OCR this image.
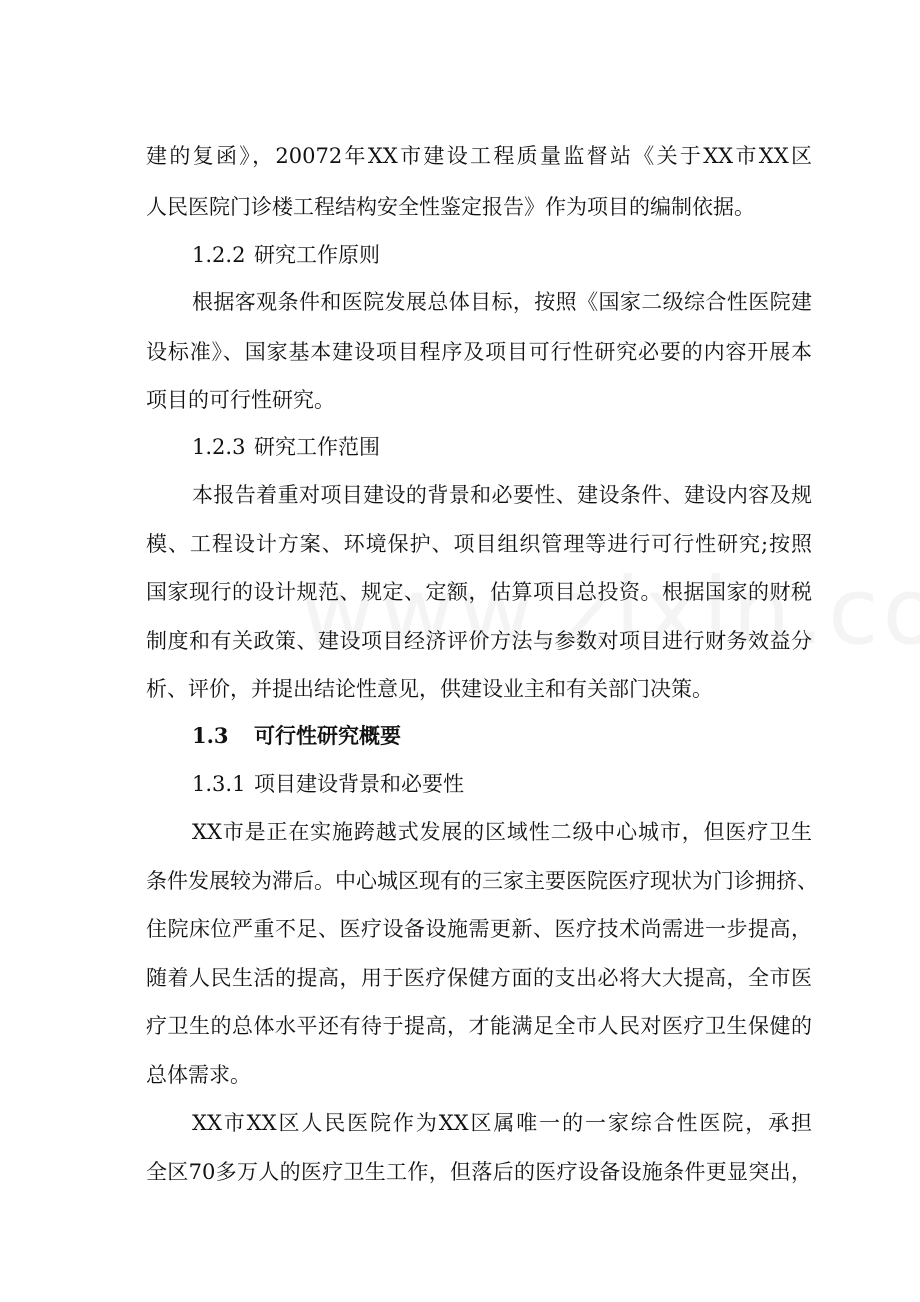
建的复函》，20072年XX市建设工程质量监督站《关于XX市XX区
人民医院门诊楼工程结构安全性鉴定报告》作为项目的编制依据。
1.2.2 研究工作原则
根据客观条件和医院发展总体目标，按照《国家二级综合性医院建
设标准》、国家基本建设项目程序及项目可行性研究必要的内容开展本
项目的可行性研究。
1.2.3 研究工作范围
本报告着重对项目建设的背景和必要性、建设条件、建设内容及规
模、工程设计方案、环境保护、项目组织管理等进行可行性研究;按照
国家现行的设计规范、规定、定额，估算项目总投资。根据国家的财税
制度和有关政策、建设项目经济评价方法与参数对项目进行财务效益分
析、评价，并提出结论性意见，供建设业主和有关部门决策。
1.3 可行性研究概要
1.3.1 项目建设背景和必要性
XX市是正在实施跨越式发展的区域性二级中心城市，但医疗卫生
条件发展较为滞后。中心城区现有的三家主要医院医疗现状为门诊拥挤、
住院床位严重不足、医疗设备设施需更新、医疗技术尚需进一步提高，
随着人民生活的提高，用于医疗保健方面的支出必将大大提高，全市医
疗卫生的总体水平还有待于提高，才能满足全市人民对医疗卫生保健的
总体需求。
XX市XX区人民医院作为XX区属唯一的一家综合性医院，承担
全区70多万人的医疗卫生工作，但落后的医疗设备设施条件更显突出，
